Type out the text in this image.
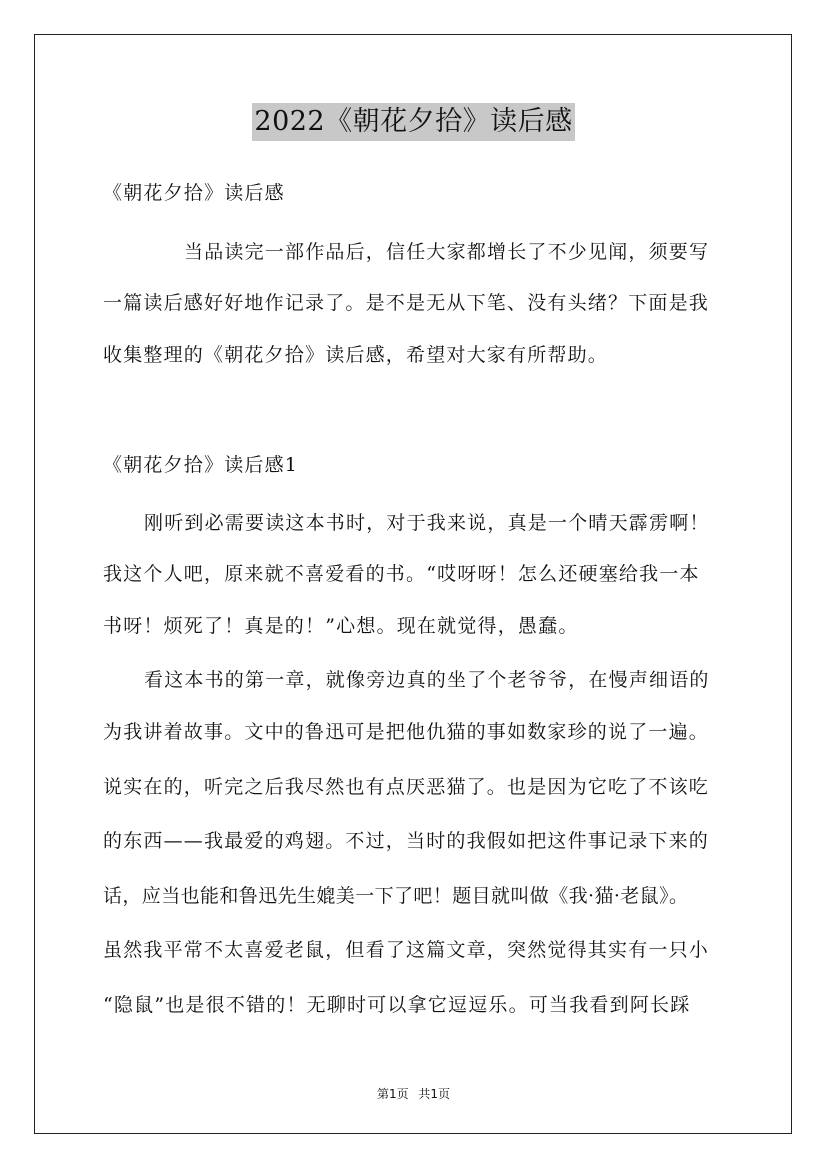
2022《朝花夕拾》读后感
《朝花夕拾》读后感
当品读完一部作品后，信任大家都增长了不少见闻，须要写
一篇读后感好好地作记录了。是不是无从下笔、没有头绪？下面是我
收集整理的《朝花夕拾》读后感，希望对大家有所帮助。
《朝花夕拾》读后感1
刚听到必需要读这本书时，对于我来说，真是一个晴天霹雳啊！
我这个人吧，原来就不喜爱看的书。“哎呀呀！怎么还硬塞给我一本
书呀！烦死了！真是的！”心想。现在就觉得，愚蠢。
看这本书的第一章，就像旁边真的坐了个老爷爷，在慢声细语的
为我讲着故事。文中的鲁迅可是把他仇猫的事如数家珍的说了一遍。
说实在的，听完之后我尽然也有点厌恶猫了。也是因为它吃了不该吃
的东西——我最爱的鸡翅。不过，当时的我假如把这件事记录下来的
话，应当也能和鲁迅先生媲美一下了吧！题目就叫做《我·猫·老鼠》。
虽然我平常不太喜爱老鼠，但看了这篇文章，突然觉得其实有一只小
“隐鼠”也是很不错的！无聊时可以拿它逗逗乐。可当我看到阿长踩
第1页 共1页
